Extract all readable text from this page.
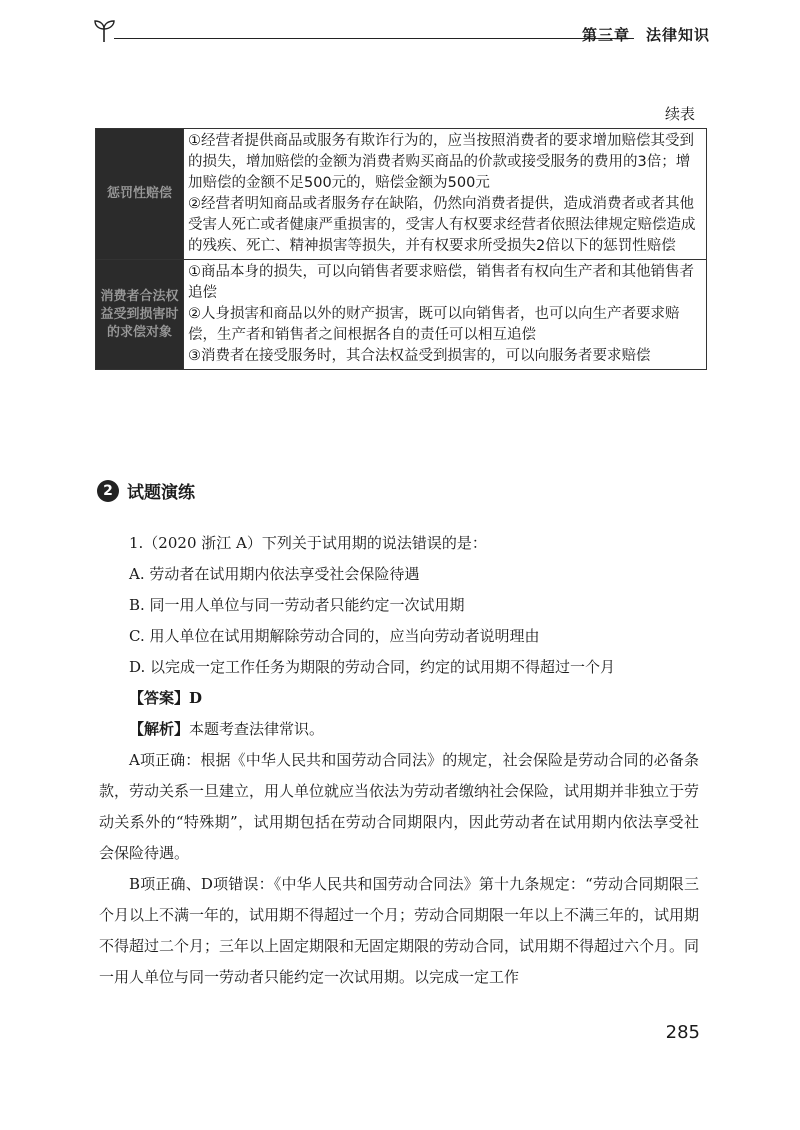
第三章　法律知识
续表
惩罚性赔偿	①经营者提供商品或服务有欺诈行为的，应当按照消费者的要求增加赔偿其受到的损失，增加赔偿的金额为消费者购买商品的价款或接受服务的费用的3倍；增加赔偿的金额不足500元的，赔偿金额为500元

②经营者明知商品或者服务存在缺陷，仍然向消费者提供，造成消费者或者其他受害人死亡或者健康严重损害的，受害人有权要求经营者依照法律规定赔偿造成的残疾、死亡、精神损害等损失，并有权要求所受损失2倍以下的惩罚性赔偿

消费者合法权益受到损害时的求偿对象	①商品本身的损失，可以向销售者要求赔偿，销售者有权向生产者和其他销售者追偿

②人身损害和商品以外的财产损害，既可以向销售者，也可以向生产者要求赔偿，生产者和销售者之间根据各自的责任可以相互追偿

③消费者在接受服务时，其合法权益受到损害的，可以向服务者要求赔偿

2 试题演练

1.（2020 浙江 A）下列关于试用期的说法错误的是：

A. 劳动者在试用期内依法享受社会保险待遇

B. 同一用人单位与同一劳动者只能约定一次试用期

C. 用人单位在试用期解除劳动合同的，应当向劳动者说明理由

D. 以完成一定工作任务为期限的劳动合同，约定的试用期不得超过一个月

【答案】D

【解析】本题考查法律常识。

A项正确：根据《中华人民共和国劳动合同法》的规定，社会保险是劳动合同的必备条款，劳动关系一旦建立，用人单位就应当依法为劳动者缴纳社会保险，试用期并非独立于劳动关系外的“特殊期”，试用期包括在劳动合同期限内，因此劳动者在试用期内依法享受社会保险待遇。

B项正确、D项错误：《中华人民共和国劳动合同法》第十九条规定：“劳动合同期限三个月以上不满一年的，试用期不得超过一个月；劳动合同期限一年以上不满三年的，试用期不得超过二个月；三年以上固定期限和无固定期限的劳动合同，试用期不得超过六个月。同一用人单位与同一劳动者只能约定一次试用期。以完成一定工作

285
